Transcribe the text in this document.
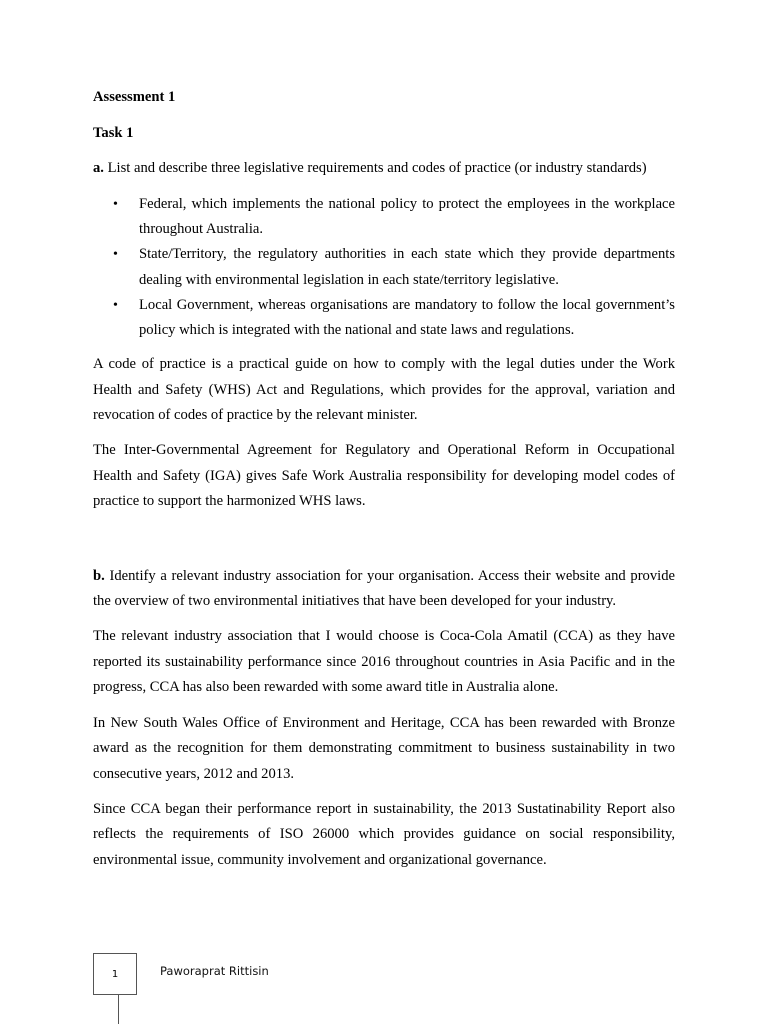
Assessment 1

Task 1

a. List and describe three legislative requirements and codes of practice (or industry standards)

• Federal, which implements the national policy to protect the employees in the workplace throughout Australia.
• State/Territory, the regulatory authorities in each state which they provide departments dealing with environmental legislation in each state/territory legislative.
• Local Government, whereas organisations are mandatory to follow the local government’s policy which is integrated with the national and state laws and regulations.

A code of practice is a practical guide on how to comply with the legal duties under the Work Health and Safety (WHS) Act and Regulations, which provides for the approval, variation and revocation of codes of practice by the relevant minister.

The Inter-Governmental Agreement for Regulatory and Operational Reform in Occupational Health and Safety (IGA) gives Safe Work Australia responsibility for developing model codes of practice to support the harmonized WHS laws.

b. Identify a relevant industry association for your organisation. Access their website and provide the overview of two environmental initiatives that have been developed for your industry.

The relevant industry association that I would choose is Coca-Cola Amatil (CCA) as they have reported its sustainability performance since 2016 throughout countries in Asia Pacific and in the progress, CCA has also been rewarded with some award title in Australia alone.

In New South Wales Office of Environment and Heritage, CCA has been rewarded with Bronze award as the recognition for them demonstrating commitment to business sustainability in two consecutive years, 2012 and 2013.

Since CCA began their performance report in sustainability, the 2013 Sustatinability Report also reflects the requirements of ISO 26000 which provides guidance on social responsibility, environmental issue, community involvement and organizational governance.

1	Paworaprat Rittisin
